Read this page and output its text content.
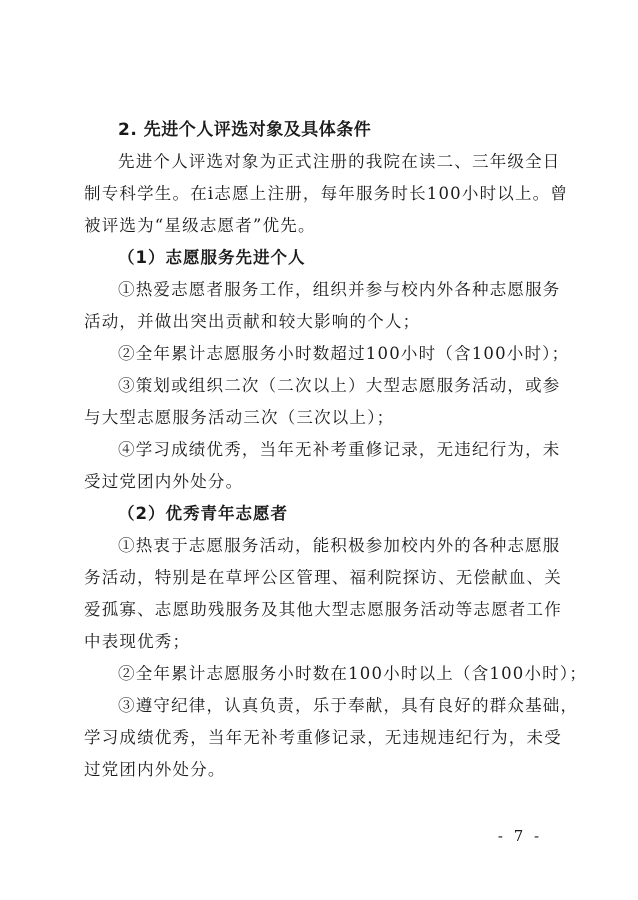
2. 先进个人评选对象及具体条件
先进个人评选对象为正式注册的我院在读二、三年级全日
制专科学生。在i志愿上注册，每年服务时长100小时以上。曾
被评选为“星级志愿者”优先。
（1）志愿服务先进个人
①热爱志愿者服务工作，组织并参与校内外各种志愿服务
活动，并做出突出贡献和较大影响的个人；
②全年累计志愿服务小时数超过100小时（含100小时）；
③策划或组织二次（二次以上）大型志愿服务活动，或参
与大型志愿服务活动三次（三次以上）；
④学习成绩优秀，当年无补考重修记录，无违纪行为，未
受过党团内外处分。
（2）优秀青年志愿者
①热衷于志愿服务活动，能积极参加校内外的各种志愿服
务活动，特别是在草坪公区管理、福利院探访、无偿献血、关
爱孤寡、志愿助残服务及其他大型志愿服务活动等志愿者工作
中表现优秀；
②全年累计志愿服务小时数在100小时以上（含100小时）；
③遵守纪律，认真负责，乐于奉献，具有良好的群众基础，
学习成绩优秀，当年无补考重修记录，无违规违纪行为，未受
过党团内外处分。
- 7 -
